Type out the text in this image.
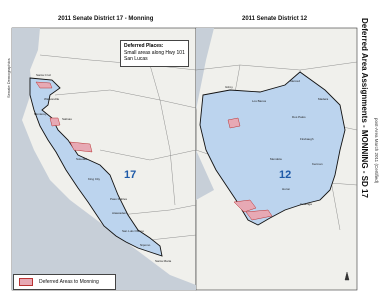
Santa Cruz
Watsonville
Monterey
Salinas
Soledad
King City
Paso Robles
Atascadero
San Luis Obispo
Nipomo
Santa Maria
Gilroy
Los Banos
Merced
Madera
Dos Palos
Firebaugh
Mendota
Kerman
Huron
Coalinga
17	12
2011 Senate District 17 - Monning	2011 Senate District 12	Deferred Area Assignments - MONNING - SD 17 post-Area March 2011 (Certified)
Senate Demographics
Deferred Places:
Small areas along Hwy 101
San Lucas
Deferred Areas to Monning
